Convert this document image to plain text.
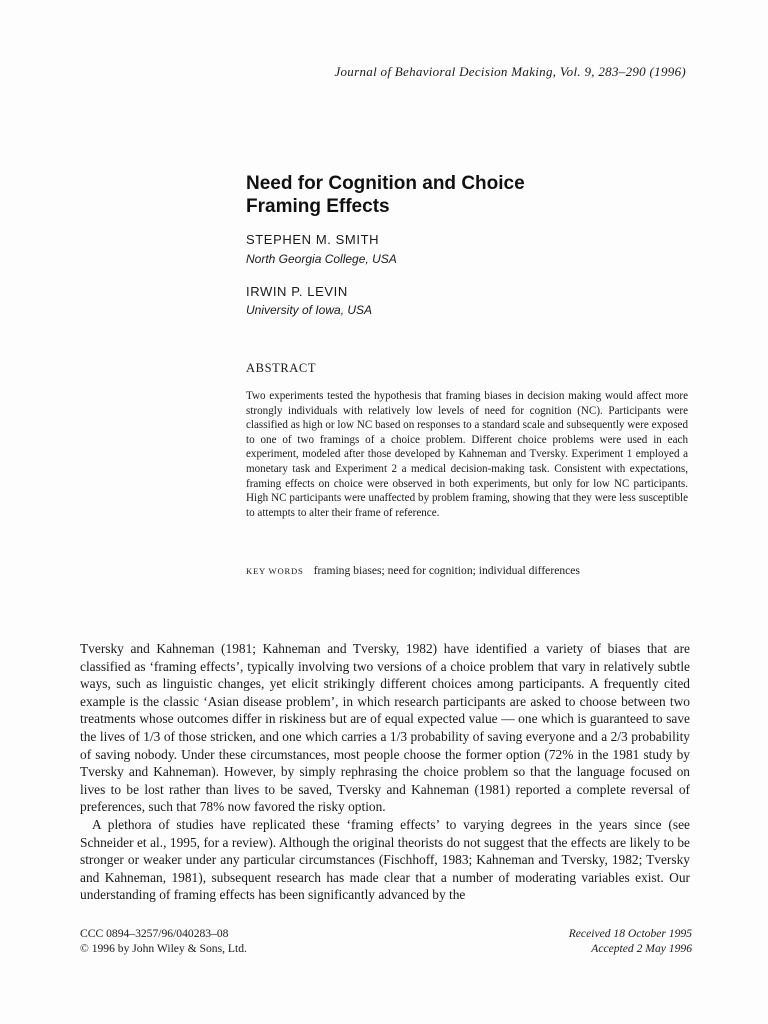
Journal of Behavioral Decision Making, Vol. 9, 283–290 (1996)
Need for Cognition and Choice
Framing Effects
STEPHEN M. SMITH
North Georgia College, USA
IRWIN P. LEVIN
University of Iowa, USA
ABSTRACT
Two experiments tested the hypothesis that framing biases in decision making would affect more strongly individuals with relatively low levels of need for cognition (NC). Participants were classified as high or low NC based on responses to a standard scale and subsequently were exposed to one of two framings of a choice problem. Different choice problems were used in each experiment, modeled after those developed by Kahneman and Tversky. Experiment 1 employed a monetary task and Experiment 2 a medical decision-making task. Consistent with expectations, framing effects on choice were observed in both experiments, but only for low NC participants. High NC participants were unaffected by problem framing, showing that they were less susceptible to attempts to alter their frame of reference.
KEY WORDS framing biases; need for cognition; individual differences

Tversky and Kahneman (1981; Kahneman and Tversky, 1982) have identified a variety of biases that are classified as ‘framing effects’, typically involving two versions of a choice problem that vary in relatively subtle ways, such as linguistic changes, yet elicit strikingly different choices among participants. A frequently cited example is the classic ‘Asian disease problem’, in which research participants are asked to choose between two treatments whose outcomes differ in riskiness but are of equal expected value — one which is guaranteed to save the lives of 1/3 of those stricken, and one which carries a 1/3 probability of saving everyone and a 2/3 probability of saving nobody. Under these circumstances, most people choose the former option (72% in the 1981 study by Tversky and Kahneman). However, by simply rephrasing the choice problem so that the language focused on lives to be lost rather than lives to be saved, Tversky and Kahneman (1981) reported a complete reversal of preferences, such that 78% now favored the risky option.

A plethora of studies have replicated these ‘framing effects’ to varying degrees in the years since (see Schneider et al., 1995, for a review). Although the original theorists do not suggest that the effects are likely to be stronger or weaker under any particular circumstances (Fischhoff, 1983; Kahneman and Tversky, 1982; Tversky and Kahneman, 1981), subsequent research has made clear that a number of moderating variables exist. Our understanding of framing effects has been significantly advanced by the

CCC 0894–3257/96/040283–08
© 1996 by John Wiley & Sons, Ltd.
Received 18 October 1995
Accepted 2 May 1996
